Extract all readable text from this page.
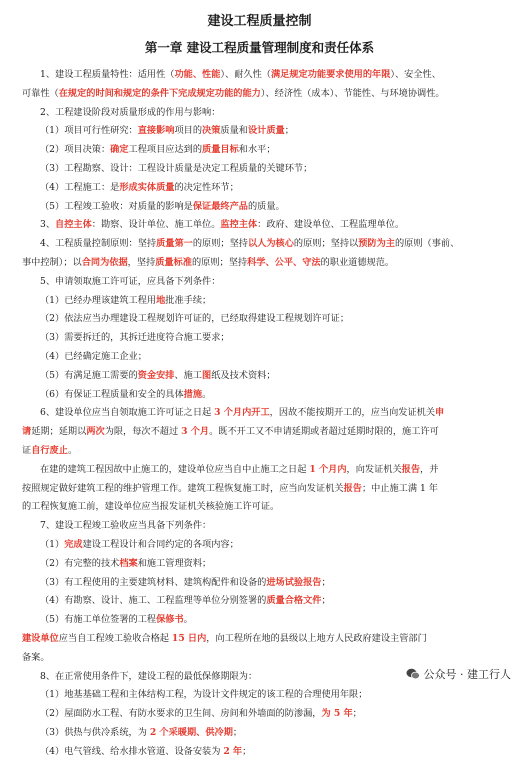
建设工程质量控制
第一章 建设工程质量管理制度和责任体系

1、建设工程质量特性：适用性（功能、性能）、耐久性（满足规定功能要求使用的年限）、安全性、

可靠性（在规定的时间和规定的条件下完成规定功能的能力）、经济性（成本）、节能性、与环境协调性。

2、工程建设阶段对质量形成的作用与影响：

（1）项目可行性研究：直接影响项目的决策质量和设计质量；

（2）项目决策：确定工程项目应达到的质量目标和水平；

（3）工程勘察、设计：工程设计质量是决定工程质量的关键环节；

（4）工程施工：是形成实体质量的决定性环节；

（5）工程竣工验收：对质量的影响是保证最终产品的质量。

3、自控主体：勘察、设计单位、施工单位。监控主体：政府、建设单位、工程监理单位。

4、工程质量控制原则：坚持质量第一的原则；坚持以人为核心的原则；坚持以预防为主的原则（事前、

事中控制）；以合同为依据，坚持质量标准的原则；坚持科学、公平、守法的职业道德规范。

5、申请领取施工许可证，应具备下列条件：

（1）已经办理该建筑工程用地批准手续；

（2）依法应当办理建设工程规划许可证的，已经取得建设工程规划许可证；

（3）需要拆迁的，其拆迁进度符合施工要求；

（4）已经确定施工企业；

（5）有满足施工需要的资金安排、施工图纸及技术资料；

（6）有保证工程质量和安全的具体措施。

6、建设单位应当自领取施工许可证之日起 3 个月内开工，因故不能按期开工的，应当向发证机关申

请延期；延期以两次为限，每次不超过 3 个月。既不开工又不申请延期或者超过延期时限的，施工许可

证自行废止。

在建的建筑工程因故中止施工的，建设单位应当自中止施工之日起 1 个月内，向发证机关报告，并

按照规定做好建筑工程的维护管理工作。建筑工程恢复施工时，应当向发证机关报告；中止施工满 1 年

的工程恢复施工前，建设单位应当报发证机关核验施工许可证。

7、建设工程竣工验收应当具备下列条件：

（1）完成建设工程设计和合同约定的各项内容；

（2）有完整的技术档案和施工管理资料；

（3）有工程使用的主要建筑材料、建筑构配件和设备的进场试验报告；

（4）有勘察、设计、施工、工程监理等单位分别签署的质量合格文件；

（5）有施工单位签署的工程保修书。

建设单位应当自工程竣工验收合格起 15 日内，向工程所在地的县级以上地方人民政府建设主管部门

备案。

8、在正常使用条件下，建设工程的最低保修期限为：

（1）地基基础工程和主体结构工程，为设计文件规定的该工程的合理使用年限；

（2）屋面防水工程、有防水要求的卫生间、房间和外墙面的防渗漏，为 5 年；

（3）供热与供冷系统，为 2 个采暖期、供冷期；

（4）电气管线、给水排水管道、设备安装为 2 年；

公众号 · 建工行人
